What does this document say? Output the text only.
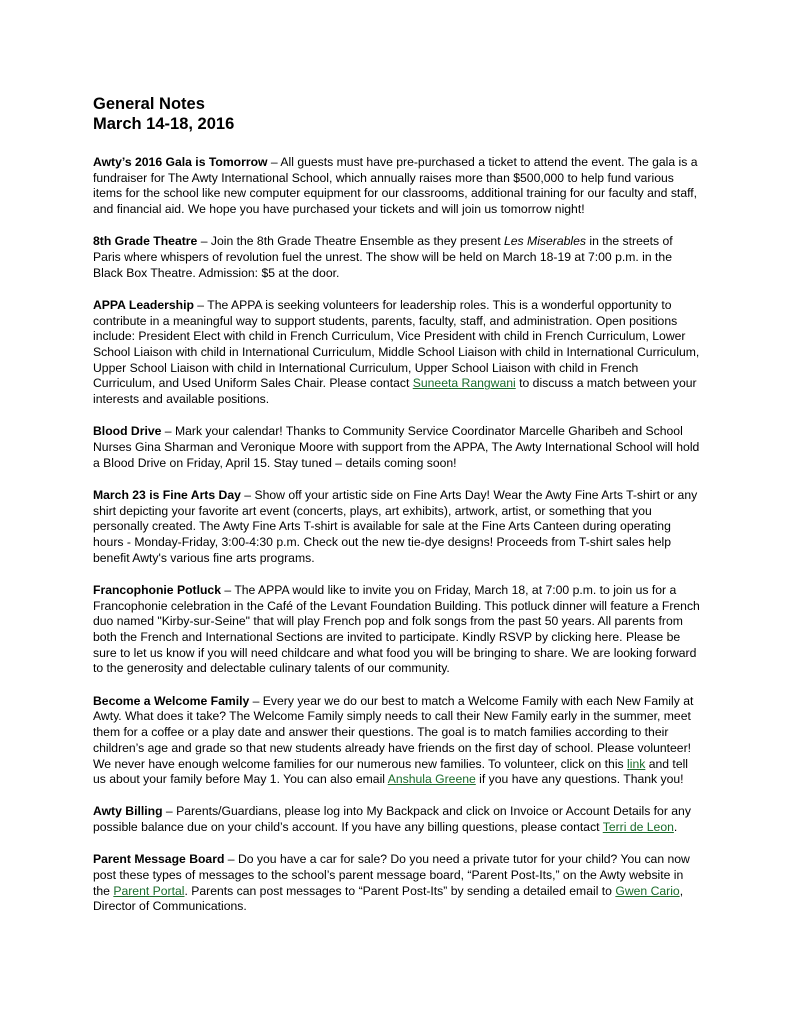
General Notes
March 14-18, 2016

Awty’s 2016 Gala is Tomorrow – All guests must have pre-purchased a ticket to attend the event. The gala is a fundraiser for The Awty International School, which annually raises more than $500,000 to help fund various items for the school like new computer equipment for our classrooms, additional training for our faculty and staff, and financial aid. We hope you have purchased your tickets and will join us tomorrow night!

8th Grade Theatre – Join the 8th Grade Theatre Ensemble as they present Les Miserables in the streets of Paris where whispers of revolution fuel the unrest. The show will be held on March 18-19 at 7:00 p.m. in the Black Box Theatre. Admission: $5 at the door.

APPA Leadership – The APPA is seeking volunteers for leadership roles. This is a wonderful opportunity to contribute in a meaningful way to support students, parents, faculty, staff, and administration. Open positions include: President Elect with child in French Curriculum, Vice President with child in French Curriculum, Lower School Liaison with child in International Curriculum, Middle School Liaison with child in International Curriculum, Upper School Liaison with child in International Curriculum, Upper School Liaison with child in French Curriculum, and Used Uniform Sales Chair. Please contact Suneeta Rangwani to discuss a match between your interests and available positions.

Blood Drive – Mark your calendar! Thanks to Community Service Coordinator Marcelle Gharibeh and School Nurses Gina Sharman and Veronique Moore with support from the APPA, The Awty International School will hold a Blood Drive on Friday, April 15. Stay tuned – details coming soon!

March 23 is Fine Arts Day – Show off your artistic side on Fine Arts Day! Wear the Awty Fine Arts T-shirt or any shirt depicting your favorite art event (concerts, plays, art exhibits), artwork, artist, or something that you personally created. The Awty Fine Arts T-shirt is available for sale at the Fine Arts Canteen during operating hours - Monday-Friday, 3:00-4:30 p.m. Check out the new tie-dye designs! Proceeds from T-shirt sales help benefit Awty's various fine arts programs.

Francophonie Potluck – The APPA would like to invite you on Friday, March 18, at 7:00 p.m. to join us for a Francophonie celebration in the Café of the Levant Foundation Building. This potluck dinner will feature a French duo named "Kirby-sur-Seine" that will play French pop and folk songs from the past 50 years. All parents from both the French and International Sections are invited to participate. Kindly RSVP by clicking here. Please be sure to let us know if you will need childcare and what food you will be bringing to share. We are looking forward to the generosity and delectable culinary talents of our community.

Become a Welcome Family – Every year we do our best to match a Welcome Family with each New Family at Awty. What does it take? The Welcome Family simply needs to call their New Family early in the summer, meet them for a coffee or a play date and answer their questions. The goal is to match families according to their children’s age and grade so that new students already have friends on the first day of school. Please volunteer! We never have enough welcome families for our numerous new families. To volunteer, click on this link and tell us about your family before May 1. You can also email Anshula Greene if you have any questions. Thank you!

Awty Billing – Parents/Guardians, please log into My Backpack and click on Invoice or Account Details for any possible balance due on your child’s account. If you have any billing questions, please contact Terri de Leon.

Parent Message Board – Do you have a car for sale? Do you need a private tutor for your child? You can now post these types of messages to the school’s parent message board, “Parent Post-Its,” on the Awty website in the Parent Portal. Parents can post messages to “Parent Post-Its” by sending a detailed email to Gwen Cario, Director of Communications.
